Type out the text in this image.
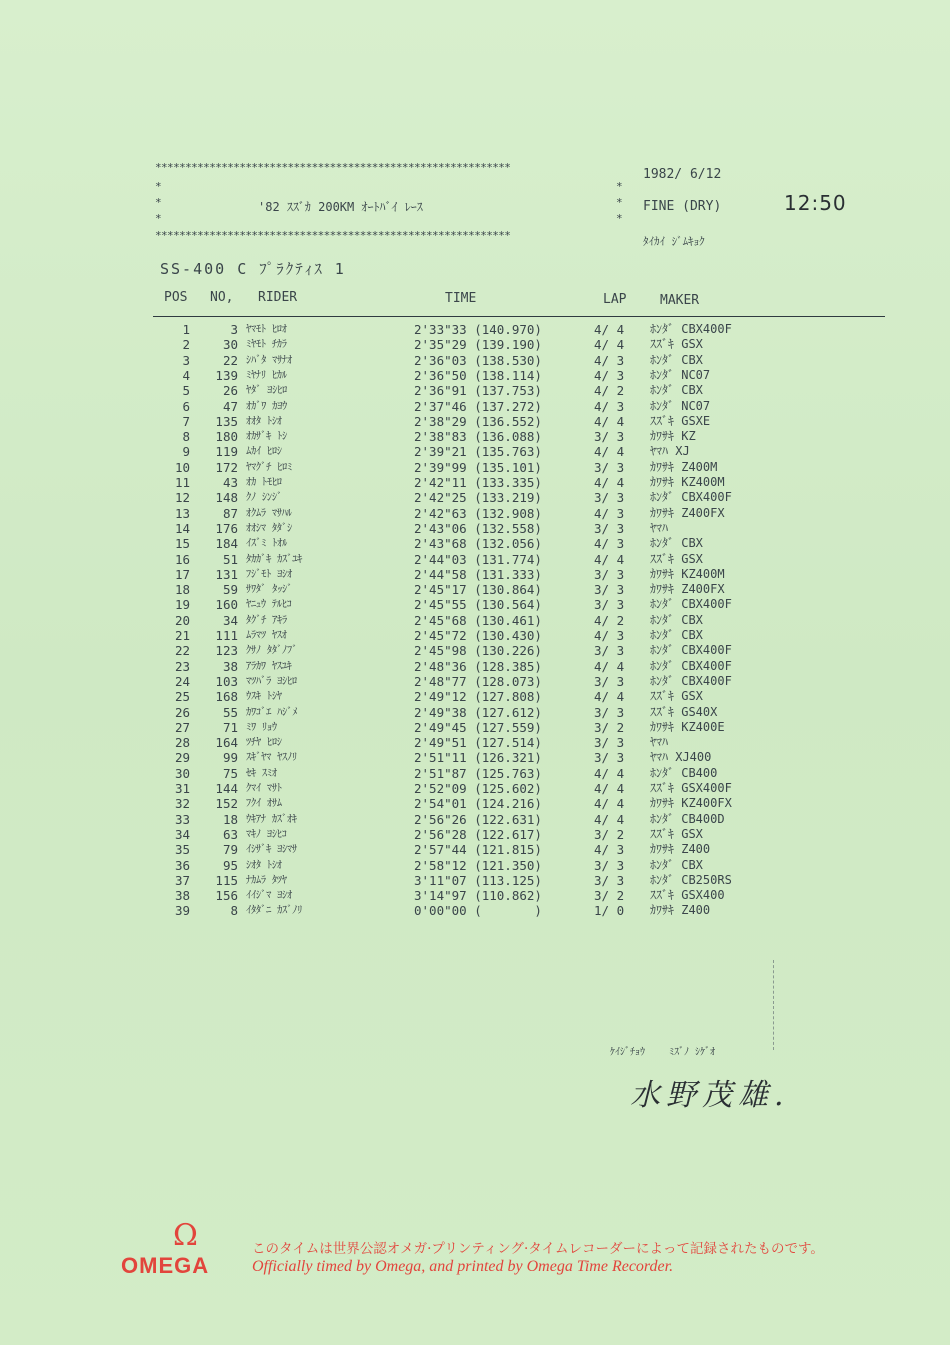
***********************************************************
*
*
*
*
*
*
***********************************************************
'82 ｽｽﾞｶ 200KM ｵｰﾄﾊﾞｲ ﾚｰｽ
1982/ 6/12
FINE (DRY)
ﾀｲｶｲ ｼﾞﾑｷｮｸ
12:50
SS-400 C ﾌﾟﾗｸﾃｨｽ 1
POS NO, RIDER	TIME	LAP	MAKER
1	3 ﾔﾏﾓﾄ ﾋﾛｵ	2'33"33 (140.970)	4/ 4	ﾎﾝﾀﾞ CBX400F
2	30 ﾐﾔﾓﾄ ﾁｶﾗ	2'35"29 (139.190)	4/ 4	ｽｽﾞｷ GSX
3	22 ｼﾊﾞﾀ ﾏｻﾅｵ	2'36"03 (138.530)	4/ 3	ﾎﾝﾀﾞ CBX
4	139 ﾐﾔﾅﾘ ﾋｶﾙ	2'36"50 (138.114)	4/ 3	ﾎﾝﾀﾞ NC07
5	26 ﾔﾀﾞ ﾖｼﾋﾛ	2'36"91 (137.753)	4/ 2	ﾎﾝﾀﾞ CBX
6	47 ｵｶﾞﾜ ｶﾖｳ	2'37"46 (137.272)	4/ 3	ﾎﾝﾀﾞ NC07
7	135 ｵｵﾀ ﾄｼｵ	2'38"29 (136.552)	4/ 4	ｽｽﾞｷ GSXE
8	180 ｵｶｻﾞｷ ﾄｼ	2'38"83 (136.088)	3/ 3	ｶﾜｻｷ KZ
9	119 ﾑｶｲ ﾋﾛｼ	2'39"21 (135.763)	4/ 4	ﾔﾏﾊ XJ
10	172 ﾔﾏｸﾞﾁ ﾋﾛﾐ	2'39"99 (135.101)	3/ 3	ｶﾜｻｷ Z400M
11	43 ｵｶ ﾄﾓﾋﾛ	2'42"11 (133.335)	4/ 4	ｶﾜｻｷ KZ400M
12	148 ｸﾉ ｼﾝｼﾞ	2'42"25 (133.219)	3/ 3	ﾎﾝﾀﾞ CBX400F
13	87 ｵｸﾑﾗ ﾏｻﾊﾙ	2'42"63 (132.908)	4/ 3	ｶﾜｻｷ Z400FX
14	176 ｵｵｼﾏ ﾀﾀﾞｼ	2'43"06 (132.558)	3/ 3	ﾔﾏﾊ
15	184 ｲｽﾞﾐ ﾄｵﾙ	2'43"68 (132.056)	4/ 3	ﾎﾝﾀﾞ CBX
16	51 ﾀｶｶﾞｷ ｶｽﾞﾕｷ	2'44"03 (131.774)	4/ 4	ｽｽﾞｷ GSX
17	131 ﾌｼﾞﾓﾄ ﾖｼｵ	2'44"58 (131.333)	3/ 3	ｶﾜｻｷ KZ400M
18	59 ｻﾜﾀﾞ ﾀｯｼﾞ	2'45"17 (130.864)	3/ 3	ｶﾜｻｷ Z400FX
19	160 ﾔﾆｭｳ ﾃﾙﾋｺ	2'45"55 (130.564)	3/ 3	ﾎﾝﾀﾞ CBX400F
20	34 ﾀｸﾞﾁ ｱｷﾗ	2'45"68 (130.461)	4/ 2	ﾎﾝﾀﾞ CBX
21	111 ﾑﾗﾏﾂ ﾔｽｵ	2'45"72 (130.430)	4/ 3	ﾎﾝﾀﾞ CBX
22	123 ｸｻﾉ ﾀﾀﾞﾉﾌﾞ	2'45"98 (130.226)	3/ 3	ﾎﾝﾀﾞ CBX400F
23	38 ｱﾗｶﾜ ﾔｽﾕｷ	2'48"36 (128.385)	4/ 4	ﾎﾝﾀﾞ CBX400F
24	103 ﾏﾂﾊﾞﾗ ﾖｼﾋﾛ	2'48"77 (128.073)	3/ 3	ﾎﾝﾀﾞ CBX400F
25	168 ｳｽｷ ﾄｼﾔ	2'49"12 (127.808)	4/ 4	ｽｽﾞｷ GSX
26	55 ｶﾜｺﾞｴ ﾊｼﾞﾒ	2'49"38 (127.612)	3/ 3	ｽｽﾞｷ GS40X
27	71 ﾐﾜ ﾘｮｳ	2'49"45 (127.559)	3/ 2	ｶﾜｻｷ KZ400E
28	164 ﾂﾁﾔ ﾋﾛｼ	2'49"51 (127.514)	3/ 3	ﾔﾏﾊ
29	99 ｽｷﾞﾔﾏ ﾔｽﾉﾘ	2'51"11 (126.321)	3/ 3	ﾔﾏﾊ XJ400
30	75 ｾｷ ｽﾐｵ	2'51"87 (125.763)	4/ 4	ﾎﾝﾀﾞ CB400
31	144 ｸﾏｲ ﾏｻﾄ	2'52"09 (125.602)	4/ 4	ｽｽﾞｷ GSX400F
32	152 ﾌｸｲ ｵｻﾑ	2'54"01 (124.216)	4/ 4	ｶﾜｻｷ KZ400FX
33	18 ｳｷｱﾅ ｶｽﾞｵｷ	2'56"26 (122.631)	4/ 4	ﾎﾝﾀﾞ CB400D
34	63 ﾏｷﾉ ﾖｼﾋｺ	2'56"28 (122.617)	3/ 2	ｽｽﾞｷ GSX
35	79 ｲｼｻﾞｷ ﾖｼﾏｻ	2'57"44 (121.815)	4/ 3	ｶﾜｻｷ Z400
36	95 ｼｵﾀ ﾄｼｵ	2'58"12 (121.350)	3/ 3	ﾎﾝﾀﾞ CBX
37	115 ﾅｶﾑﾗ ﾀﾂﾔ	3'11"07 (113.125)	3/ 3	ﾎﾝﾀﾞ CB250RS
38	156 ｲｲｼﾞﾏ ﾖｼｵ	3'14"97 (110.862)	3/ 2	ｽｽﾞｷ GSX400
39	8 ｲﾀﾀﾞﾆ ｶｽﾞﾉﾘ	0'00"00 (       )	1/ 0	ｶﾜｻｷ Z400
ｹｲｼﾞﾁｮｳ    ﾐｽﾞﾉ ｼｹﾞｵ
水野茂雄.
Ω
OMEGA
このタイムは世界公認オメガ·プリンティング·タイムレコーダーによって記録されたものです。
Officially timed by Omega, and printed by Omega Time Recorder.
